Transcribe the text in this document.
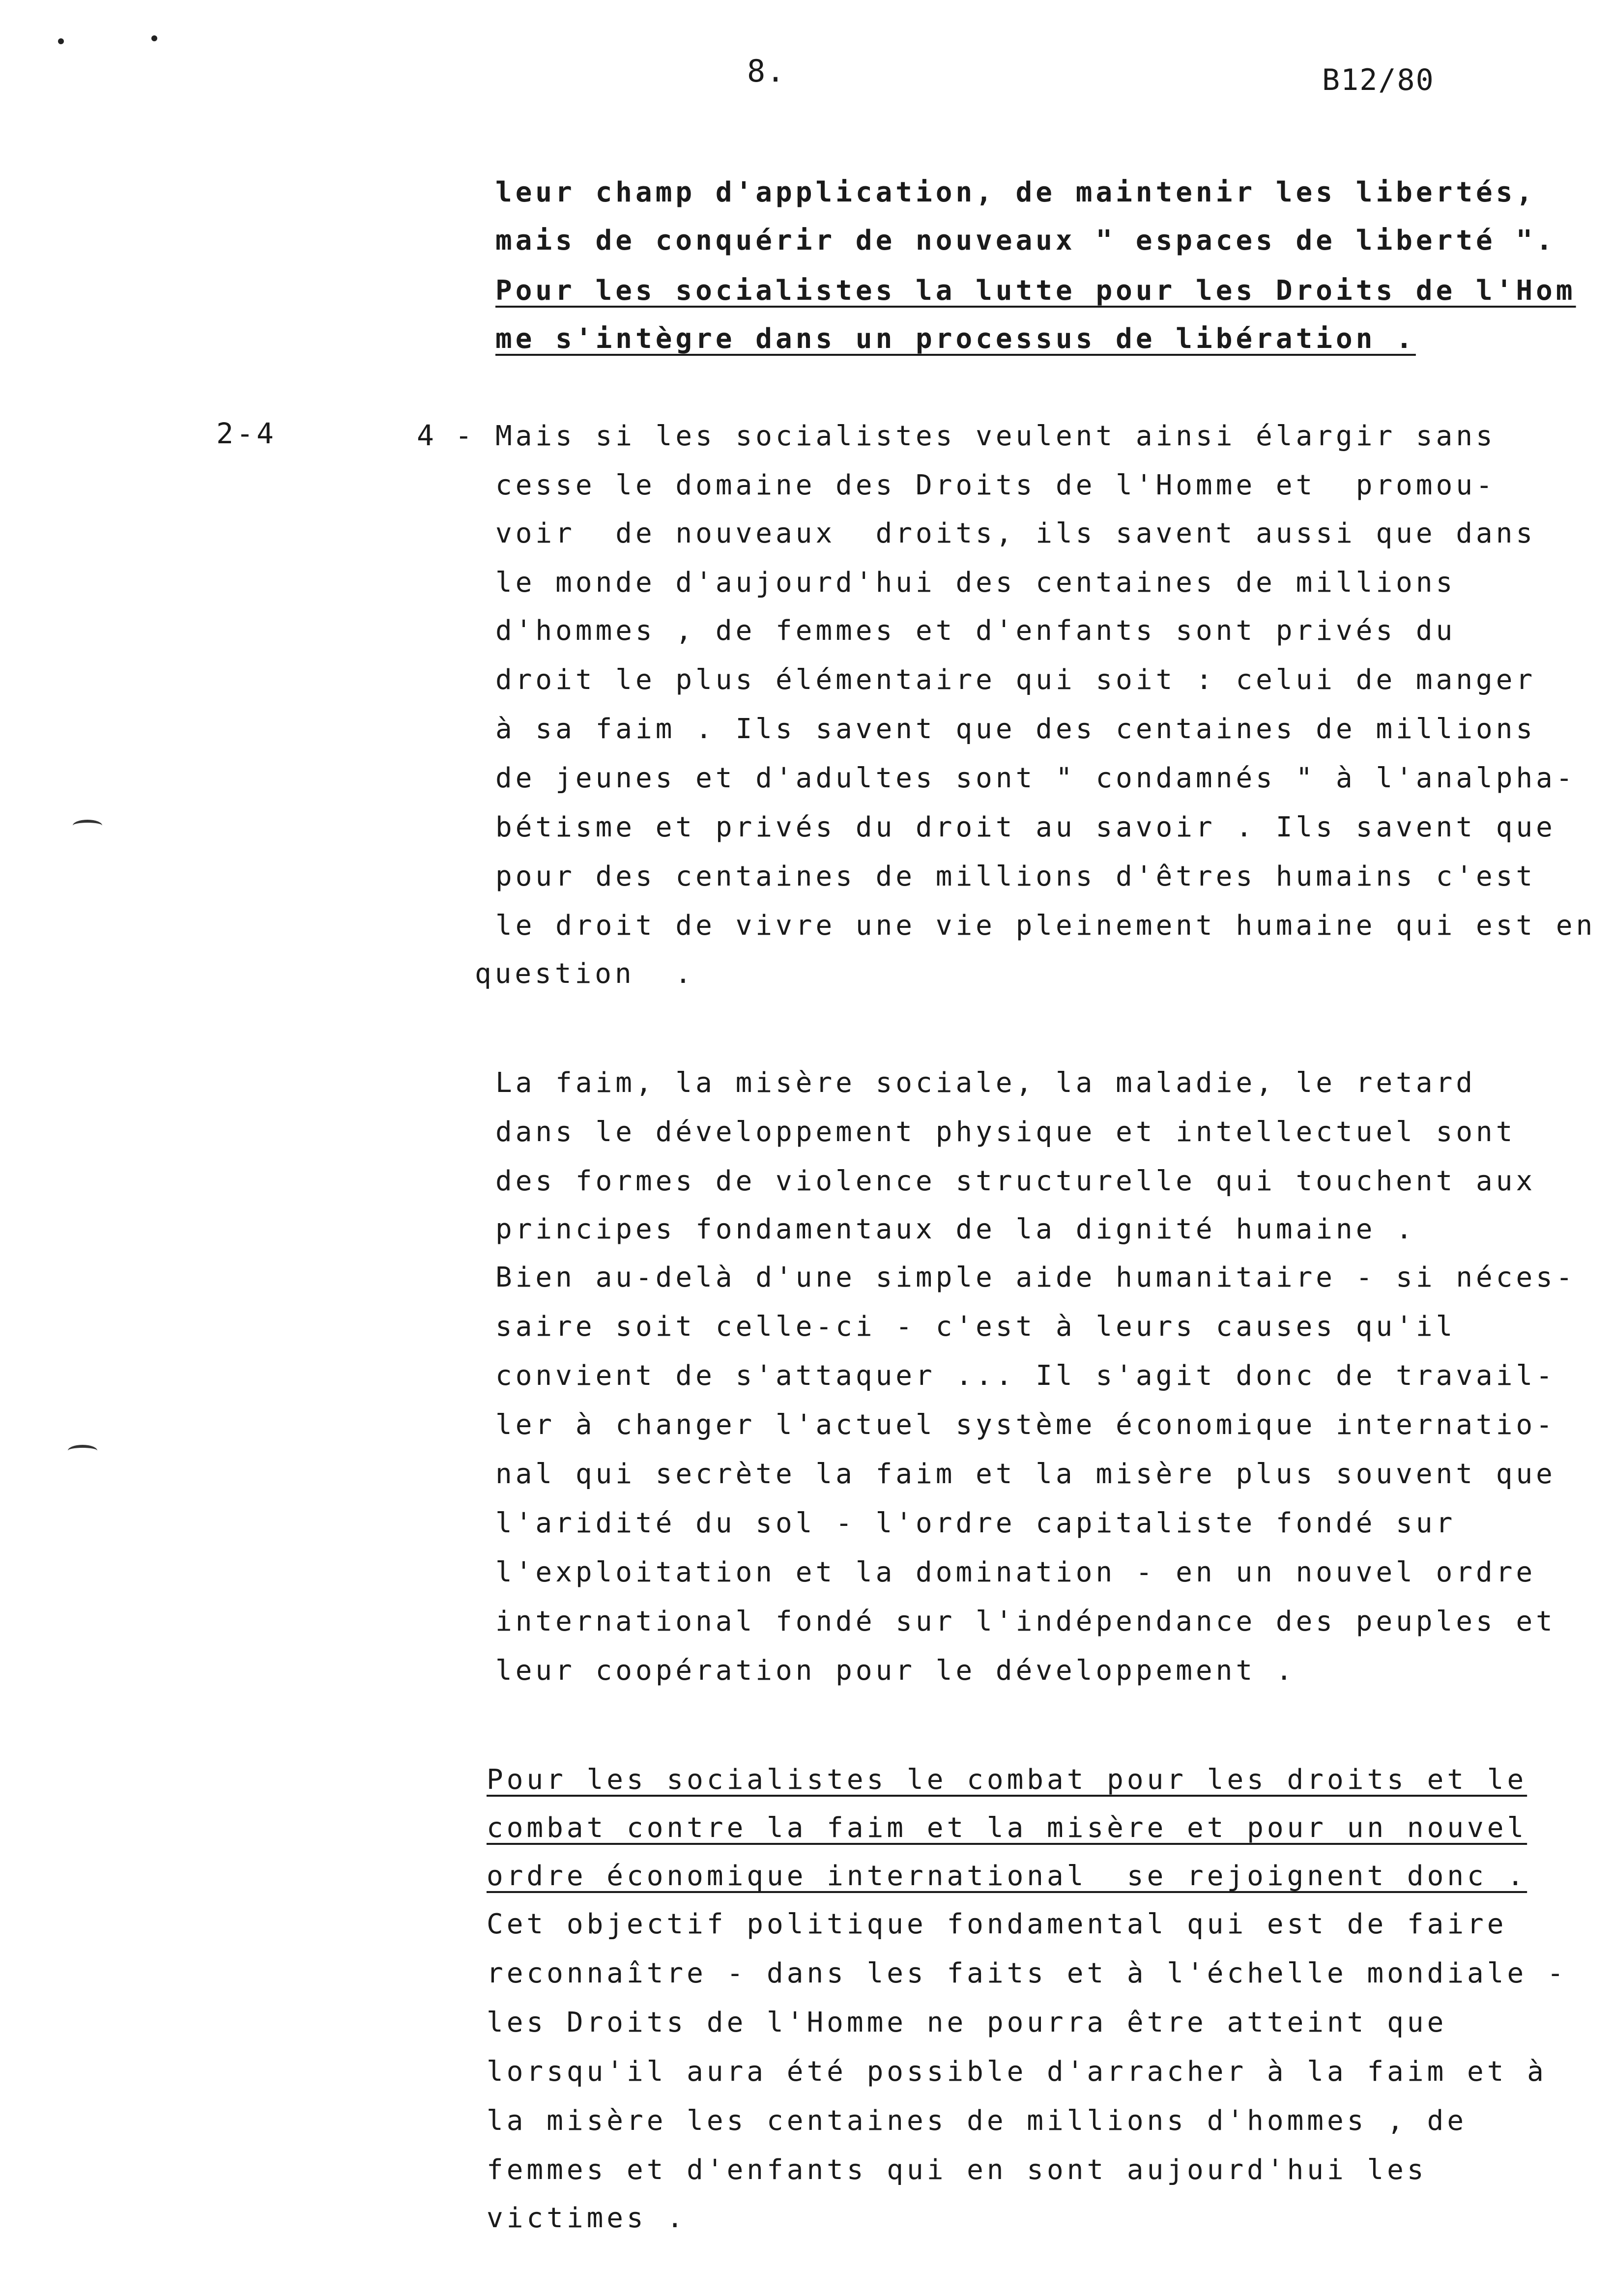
8.	B12/80
leur champ d'application, de maintenir les libertés,
mais de conquérir de nouveaux " espaces de liberté ".
Pour les socialistes la lutte pour les Droits de l'Hom
me s'intègre dans un processus de libération .
2-4	4 - Mais si les socialistes veulent ainsi élargir sans
cesse le domaine des Droits de l'Homme et  promou-
voir  de nouveaux  droits, ils savent aussi que dans
le monde d'aujourd'hui des centaines de millions
d'hommes , de femmes et d'enfants sont privés du
droit le plus élémentaire qui soit : celui de manger
à sa faim . Ils savent que des centaines de millions
de jeunes et d'adultes sont " condamnés " à l'analpha-
bétisme et privés du droit au savoir . Ils savent que
pour des centaines de millions d'êtres humains c'est
le droit de vivre une vie pleinement humaine qui est en
question  .
La faim, la misère sociale, la maladie, le retard
dans le développement physique et intellectuel sont
des formes de violence structurelle qui touchent aux
principes fondamentaux de la dignité humaine .
Bien au-delà d'une simple aide humanitaire - si néces-
saire soit celle-ci - c'est à leurs causes qu'il
convient de s'attaquer ... Il s'agit donc de travail-
ler à changer l'actuel système économique internatio-
nal qui secrète la faim et la misère plus souvent que
l'aridité du sol - l'ordre capitaliste fondé sur
l'exploitation et la domination - en un nouvel ordre
international fondé sur l'indépendance des peuples et
leur coopération pour le développement .
Pour les socialistes le combat pour les droits et le
combat contre la faim et la misère et pour un nouvel
ordre économique international  se rejoignent donc .
Cet objectif politique fondamental qui est de faire
reconnaître - dans les faits et à l'échelle mondiale -
les Droits de l'Homme ne pourra être atteint que
lorsqu'il aura été possible d'arracher à la faim et à
la misère les centaines de millions d'hommes , de
femmes et d'enfants qui en sont aujourd'hui les
victimes .
